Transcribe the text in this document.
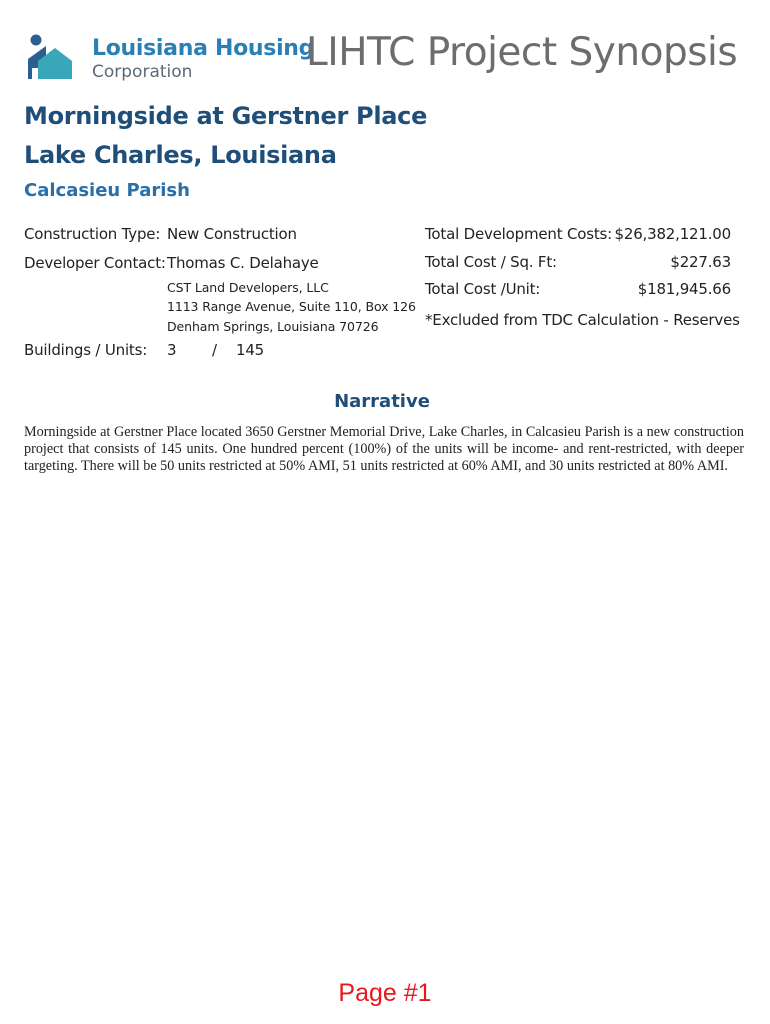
Louisiana Housing
Corporation	LIHTC Project Synopsis
Morningside at Gerstner Place
Lake Charles, Louisiana
Calcasieu Parish
Construction Type: New Construction
Developer Contact: Thomas C. Delahaye
CST Land Developers, LLC
1113 Range Avenue, Suite 110, Box 126
Denham Springs, Louisiana 70726
Buildings / Units: 3 / 145
Total Development Costs: $26,382,121.00
Total Cost / Sq. Ft:	$227.63
Total Cost /Unit:	$181,945.66
*Excluded from TDC Calculation - Reserves
Narrative
Morningside at Gerstner Place located 3650 Gerstner Memorial Drive, Lake Charles, in Calcasieu Parish is a new construction project that consists of 145 units. One hundred percent (100%) of the units will be income- and rent-restricted, with deeper targeting. There will be 50 units restricted at 50% AMI, 51 units restricted at 60% AMI, and 30 units restricted at 80% AMI.
Page #1
